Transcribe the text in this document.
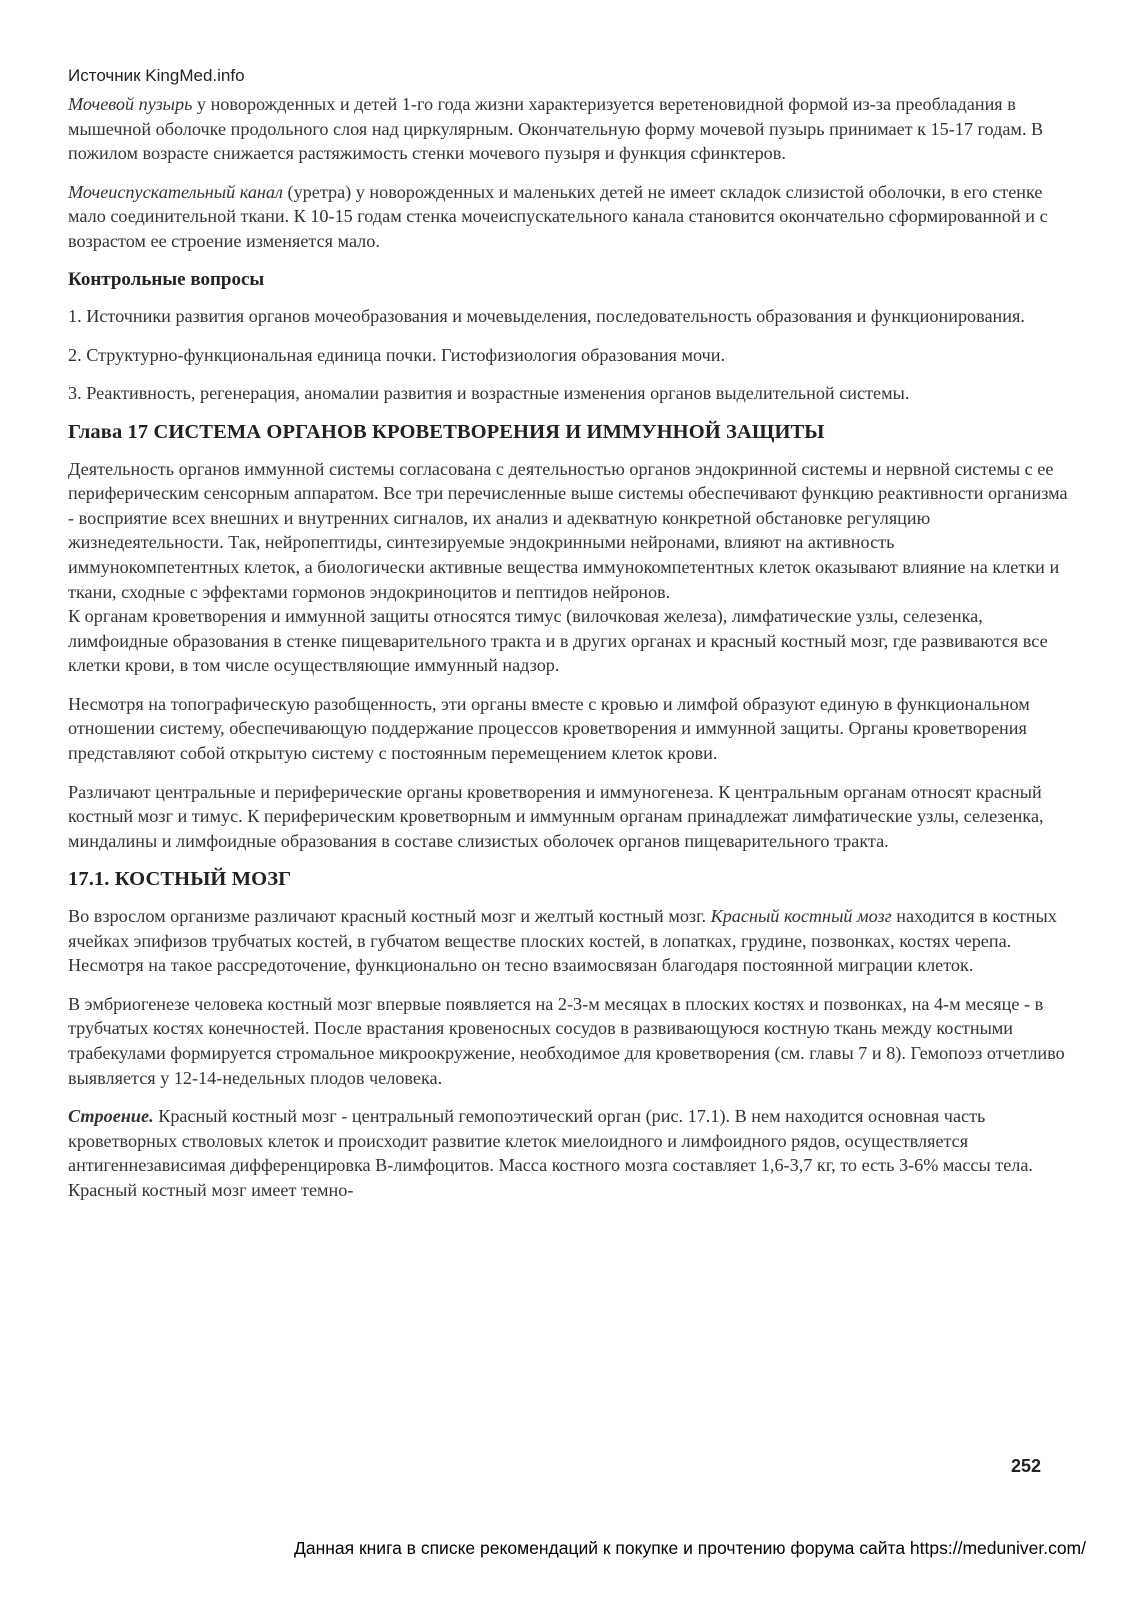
Источник KingMed.info

Мочевой пузырь у новорожденных и детей 1-го года жизни характеризуется веретеновидной формой из-за преобладания в мышечной оболочке продольного слоя над циркулярным. Окончательную форму мочевой пузырь принимает к 15-17 годам. В пожилом возрасте снижается растяжимость стенки мочевого пузыря и функция сфинктеров.

Мочеиспускательный канал (уретра) у новорожденных и маленьких детей не имеет складок слизистой оболочки, в его стенке мало соединительной ткани. К 10-15 годам стенка мочеиспускательного канала становится окончательно сформированной и с возрастом ее строение изменяется мало.

Контрольные вопросы

1. Источники развития органов мочеобразования и мочевыделения, последовательность образования и функционирования.

2. Структурно-функциональная единица почки. Гистофизиология образования мочи.

3. Реактивность, регенерация, аномалии развития и возрастные изменения органов выделительной системы.

Глава 17 СИСТЕМА ОРГАНОВ КРОВЕТВОРЕНИЯ И ИММУННОЙ ЗАЩИТЫ

Деятельность органов иммунной системы согласована с деятельностью органов эндокринной системы и нервной системы с ее периферическим сенсорным аппаратом. Все три перечисленные выше системы обеспечивают функцию реактивности организма - восприятие всех внешних и внутренних сигналов, их анализ и адекватную конкретной обстановке регуляцию жизнедеятельности. Так, нейропептиды, синтезируемые эндокринными нейронами, влияют на активность иммунокомпетентных клеток, а биологически активные вещества иммунокомпетентных клеток оказывают влияние на клетки и ткани, сходные с эффектами гормонов эндокриноцитов и пептидов нейронов.

К органам кроветворения и иммунной защиты относятся тимус (вилочковая железа), лимфатические узлы, селезенка, лимфоидные образования в стенке пищеварительного тракта и в других органах и красный костный мозг, где развиваются все клетки крови, в том числе осуществляющие иммунный надзор.

Несмотря на топографическую разобщенность, эти органы вместе с кровью и лимфой образуют единую в функциональном отношении систему, обеспечивающую поддержание процессов кроветворения и иммунной защиты. Органы кроветворения представляют собой открытую систему с постоянным перемещением клеток крови.

Различают центральные и периферические органы кроветворения и иммуногенеза. К центральным органам относят красный костный мозг и тимус. К периферическим кроветворным и иммунным органам принадлежат лимфатические узлы, селезенка, миндалины и лимфоидные образования в составе слизистых оболочек органов пищеварительного тракта.

17.1. КОСТНЫЙ МОЗГ

Во взрослом организме различают красный костный мозг и желтый костный мозг. Красный костный мозг находится в костных ячейках эпифизов трубчатых костей, в губчатом веществе плоских костей, в лопатках, грудине, позвонках, костях черепа. Несмотря на такое рассредоточение, функционально он тесно взаимосвязан благодаря постоянной миграции клеток.

В эмбриогенезе человека костный мозг впервые появляется на 2-3-м месяцах в плоских костях и позвонках, на 4-м месяце - в трубчатых костях конечностей. После врастания кровеносных сосудов в развивающуюся костную ткань между костными трабекулами формируется стромальное микроокружение, необходимое для кроветворения (см. главы 7 и 8). Гемопоэз отчетливо выявляется у 12-14-недельных плодов человека.

Строение. Красный костный мозг - центральный гемопоэтический орган (рис. 17.1). В нем находится основная часть кроветворных стволовых клеток и происходит развитие клеток миелоидного и лимфоидного рядов, осуществляется антигеннезависимая дифференцировка В-лимфоцитов. Масса костного мозга составляет 1,6-3,7 кг, то есть 3-6% массы тела. Красный костный мозг имеет темно-

252
Данная книга в списке рекомендаций к покупке и прочтению форума сайта https://meduniver.com/
